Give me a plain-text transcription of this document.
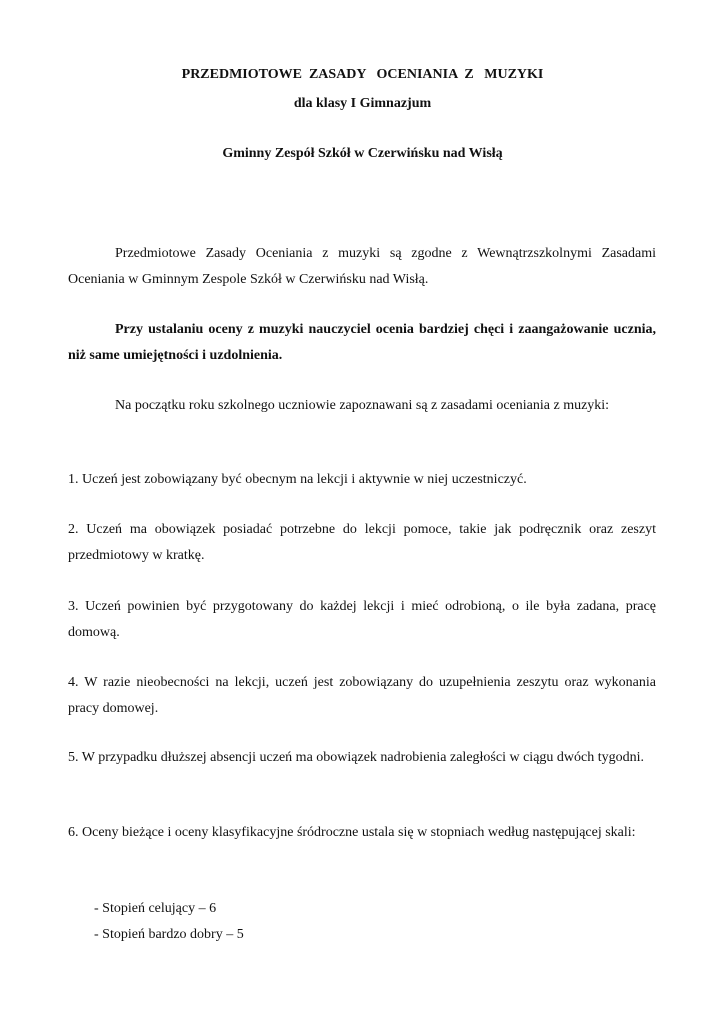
PRZEDMIOTOWE  ZASADY   OCENIANIA  Z   MUZYKI
dla klasy I Gimnazjum
Gminny Zespół Szkół w Czerwińsku nad Wisłą
Przedmiotowe Zasady Oceniania z muzyki są zgodne z Wewnątrzszkolnymi Zasadami Oceniania w Gminnym Zespole Szkół w Czerwińsku nad Wisłą.
Przy ustalaniu oceny z muzyki nauczyciel ocenia bardziej chęci i zaangażowanie ucznia, niż same umiejętności i uzdolnienia.
Na początku roku szkolnego uczniowie zapoznawani są z zasadami oceniania z muzyki:
1. Uczeń jest zobowiązany być obecnym na lekcji i aktywnie w niej uczestniczyć.
2. Uczeń ma obowiązek posiadać potrzebne do lekcji pomoce, takie jak podręcznik oraz zeszyt przedmiotowy w kratkę.
3. Uczeń powinien być przygotowany do każdej lekcji i mieć odrobioną, o ile była zadana, pracę domową.
4. W razie nieobecności na lekcji, uczeń jest zobowiązany do uzupełnienia zeszytu oraz wykonania pracy domowej.
5. W przypadku dłuższej absencji uczeń ma obowiązek nadrobienia zaległości w ciągu dwóch tygodni.
6. Oceny bieżące i oceny klasyfikacyjne śródroczne ustala się w stopniach według następującej skali:
- Stopień celujący – 6
- Stopień bardzo dobry – 5
